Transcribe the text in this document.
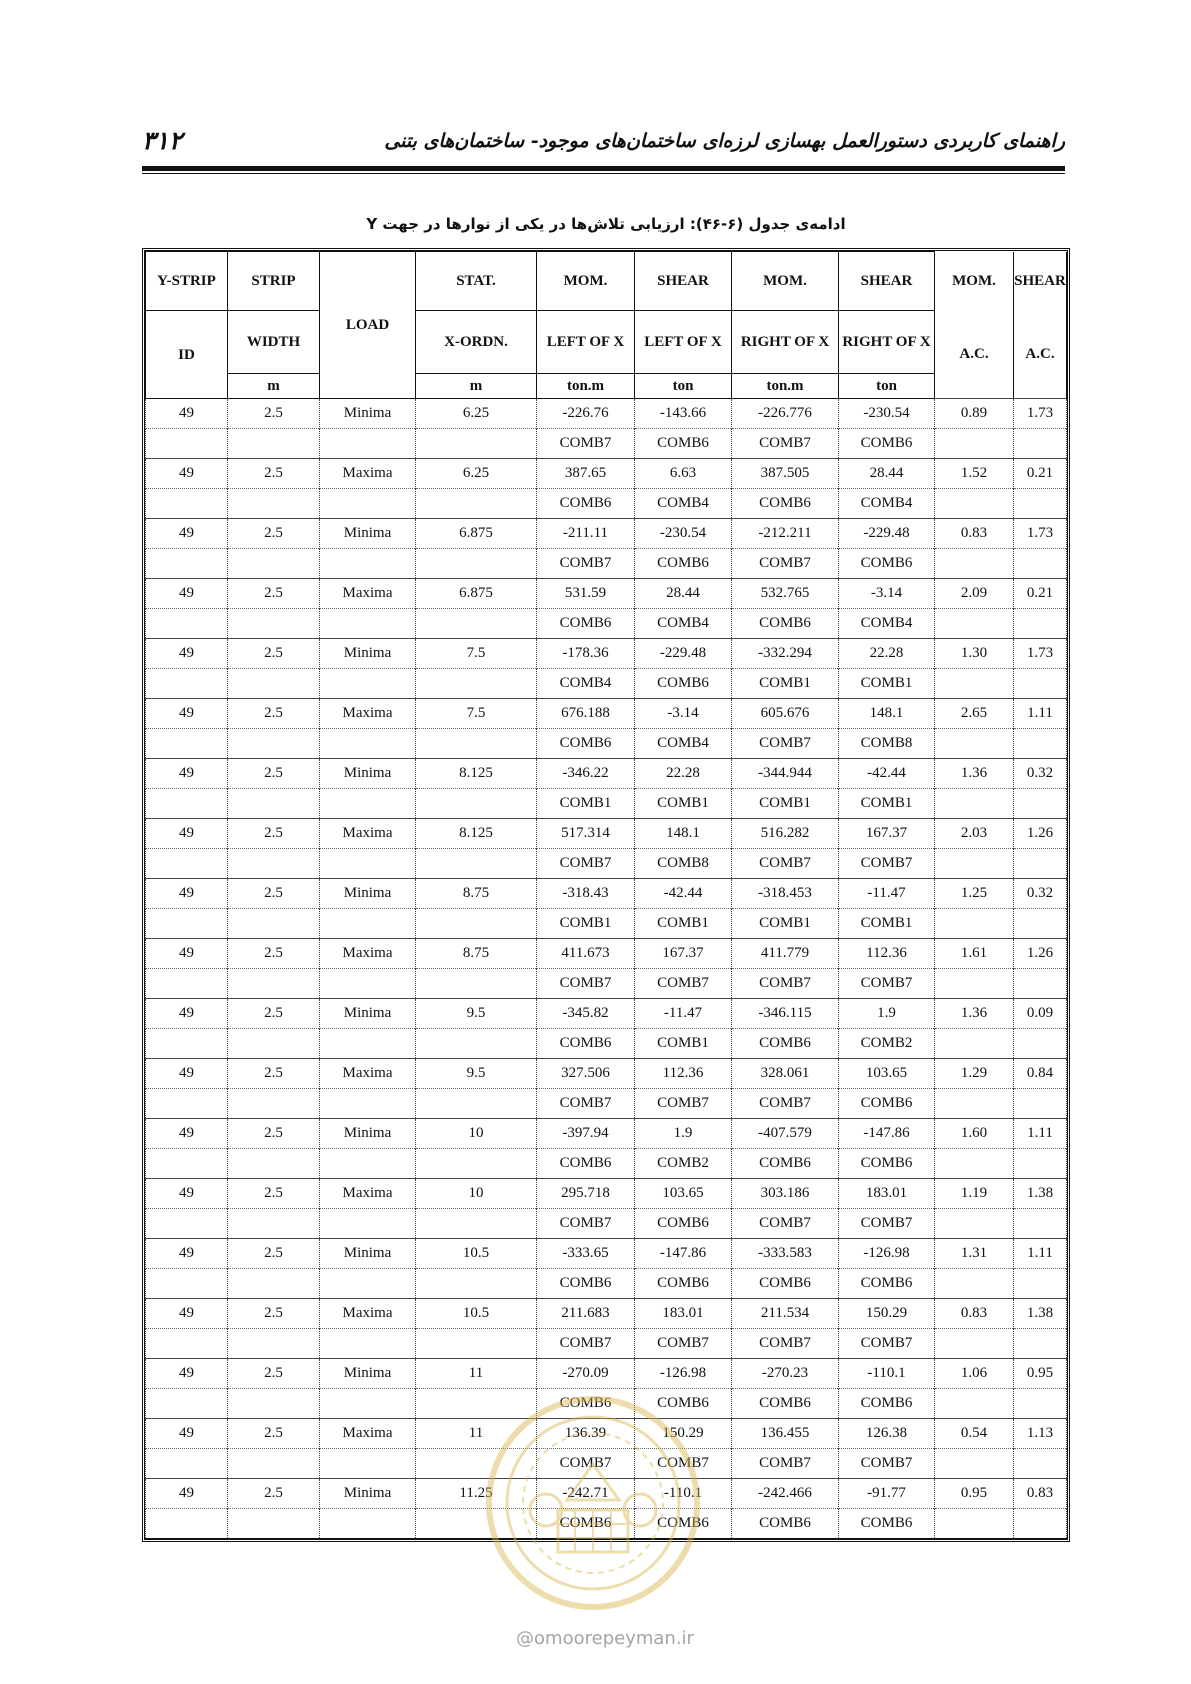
۳۱۲	راهنمای کاربردی دستورالعمل بهسازی لرزه‌ای ساختمان‌های موجود- ساختمان‌های بتنی
ادامه‌ی جدول (۶-۴۶): ارزیابی تلاش‌ها در یکی از نوارها در جهت Y
Y-STRIP	STRIP	LOAD	STAT.	MOM.	SHEAR	MOM.	SHEAR	MOM.	SHEAR
ID	WIDTH		X-ORDN.	LEFT OF X	LEFT OF X	RIGHT OF X	RIGHT OF X	A.C.	A.C.
	m		m	ton.m	ton	ton.m	ton		
49	2.5	Minima	6.25	-226.76	-143.66	-226.776	-230.54	0.89	1.73
				COMB7	COMB6	COMB7	COMB6		
49	2.5	Maxima	6.25	387.65	6.63	387.505	28.44	1.52	0.21
				COMB6	COMB4	COMB6	COMB4		
49	2.5	Minima	6.875	-211.11	-230.54	-212.211	-229.48	0.83	1.73
				COMB7	COMB6	COMB7	COMB6		
49	2.5	Maxima	6.875	531.59	28.44	532.765	-3.14	2.09	0.21
				COMB6	COMB4	COMB6	COMB4		
49	2.5	Minima	7.5	-178.36	-229.48	-332.294	22.28	1.30	1.73
				COMB4	COMB6	COMB1	COMB1		
49	2.5	Maxima	7.5	676.188	-3.14	605.676	148.1	2.65	1.11
				COMB6	COMB4	COMB7	COMB8		
49	2.5	Minima	8.125	-346.22	22.28	-344.944	-42.44	1.36	0.32
				COMB1	COMB1	COMB1	COMB1		
49	2.5	Maxima	8.125	517.314	148.1	516.282	167.37	2.03	1.26
				COMB7	COMB8	COMB7	COMB7		
49	2.5	Minima	8.75	-318.43	-42.44	-318.453	-11.47	1.25	0.32
				COMB1	COMB1	COMB1	COMB1		
49	2.5	Maxima	8.75	411.673	167.37	411.779	112.36	1.61	1.26
				COMB7	COMB7	COMB7	COMB7		
49	2.5	Minima	9.5	-345.82	-11.47	-346.115	1.9	1.36	0.09
				COMB6	COMB1	COMB6	COMB2		
49	2.5	Maxima	9.5	327.506	112.36	328.061	103.65	1.29	0.84
				COMB7	COMB7	COMB7	COMB6		
49	2.5	Minima	10	-397.94	1.9	-407.579	-147.86	1.60	1.11
				COMB6	COMB2	COMB6	COMB6		
49	2.5	Maxima	10	295.718	103.65	303.186	183.01	1.19	1.38
				COMB7	COMB6	COMB7	COMB7		
49	2.5	Minima	10.5	-333.65	-147.86	-333.583	-126.98	1.31	1.11
				COMB6	COMB6	COMB6	COMB6		
49	2.5	Maxima	10.5	211.683	183.01	211.534	150.29	0.83	1.38
				COMB7	COMB7	COMB7	COMB7		
49	2.5	Minima	11	-270.09	-126.98	-270.23	-110.1	1.06	0.95
				COMB6	COMB6	COMB6	COMB6		
49	2.5	Maxima	11	136.39	150.29	136.455	126.38	0.54	1.13
				COMB7	COMB7	COMB7	COMB7		
49	2.5	Minima	11.25	-242.71	-110.1	-242.466	-91.77	0.95	0.83
				COMB6	COMB6	COMB6	COMB6		
@omoorepeyman.ir
